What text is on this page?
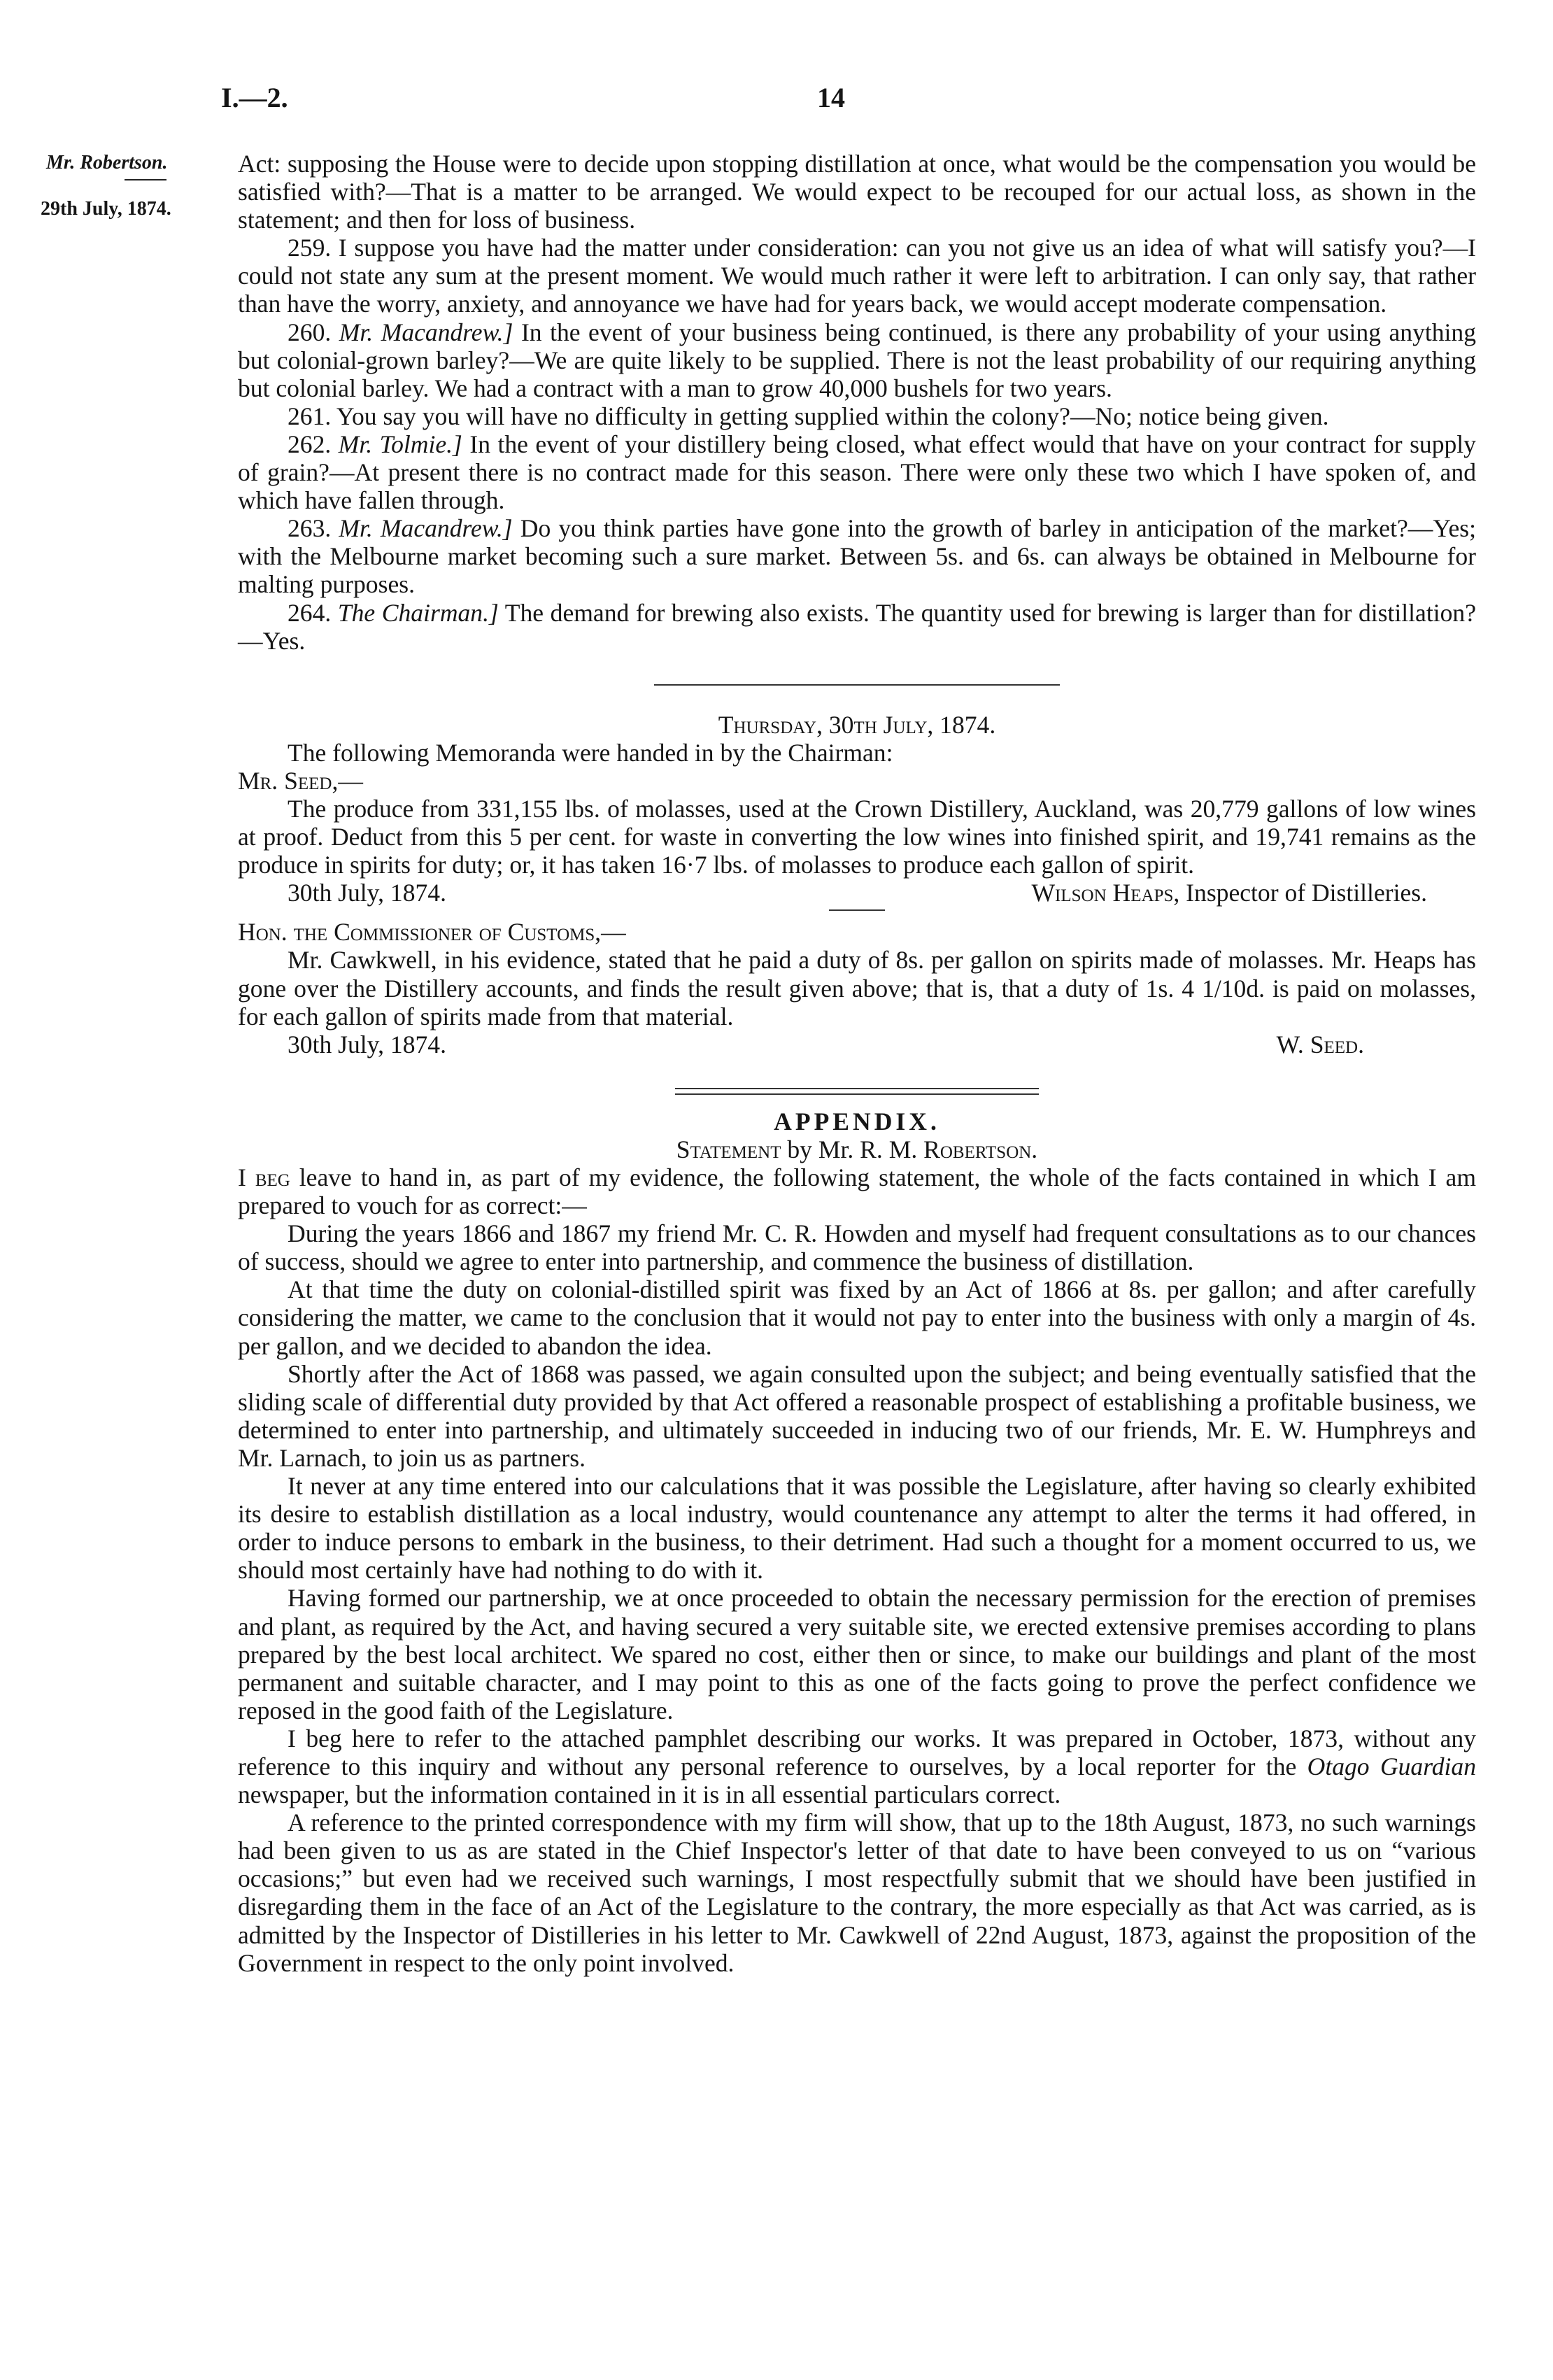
I.—2.	14
Mr. Robertson.
29th July, 1874.

Act: supposing the House were to decide upon stopping distillation at once, what would be the compensation you would be satisfied with?—That is a matter to be arranged. We would expect to be recouped for our actual loss, as shown in the statement; and then for loss of business.

259. I suppose you have had the matter under consideration: can you not give us an idea of what will satisfy you?—I could not state any sum at the present moment. We would much rather it were left to arbitration. I can only say, that rather than have the worry, anxiety, and annoyance we have had for years back, we would accept moderate compensation.

260. Mr. Macandrew.] In the event of your business being continued, is there any probability of your using anything but colonial-grown barley?—We are quite likely to be supplied. There is not the least probability of our requiring anything but colonial barley. We had a contract with a man to grow 40,000 bushels for two years.

261. You say you will have no difficulty in getting supplied within the colony?—No; notice being given.

262. Mr. Tolmie.] In the event of your distillery being closed, what effect would that have on your contract for supply of grain?—At present there is no contract made for this season. There were only these two which I have spoken of, and which have fallen through.

263. Mr. Macandrew.] Do you think parties have gone into the growth of barley in anticipation of the market?—Yes; with the Melbourne market becoming such a sure market. Between 5s. and 6s. can always be obtained in Melbourne for malting purposes.

264. The Chairman.] The demand for brewing also exists. The quantity used for brewing is larger than for distillation?—Yes.

Thursday, 30th July, 1874.

The following Memoranda were handed in by the Chairman:

Mr. Seed,—

The produce from 331,155 lbs. of molasses, used at the Crown Distillery, Auckland, was 20,779 gallons of low wines at proof. Deduct from this 5 per cent. for waste in converting the low wines into finished spirit, and 19,741 remains as the produce in spirits for duty; or, it has taken 16·7 lbs. of molasses to produce each gallon of spirit.

30th July, 1874.	Wilson Heaps, Inspector of Distilleries.

Hon. the Commissioner of Customs,—

Mr. Cawkwell, in his evidence, stated that he paid a duty of 8s. per gallon on spirits made of molasses. Mr. Heaps has gone over the Distillery accounts, and finds the result given above; that is, that a duty of 1s. 4 1/10d. is paid on molasses, for each gallon of spirits made from that material.

30th July, 1874.	W. Seed.

APPENDIX.

Statement by Mr. R. M. Robertson.

I beg leave to hand in, as part of my evidence, the following statement, the whole of the facts contained in which I am prepared to vouch for as correct:—

During the years 1866 and 1867 my friend Mr. C. R. Howden and myself had frequent consultations as to our chances of success, should we agree to enter into partnership, and commence the business of distillation.

At that time the duty on colonial-distilled spirit was fixed by an Act of 1866 at 8s. per gallon; and after carefully considering the matter, we came to the conclusion that it would not pay to enter into the business with only a margin of 4s. per gallon, and we decided to abandon the idea.

Shortly after the Act of 1868 was passed, we again consulted upon the subject; and being eventually satisfied that the sliding scale of differential duty provided by that Act offered a reasonable prospect of establishing a profitable business, we determined to enter into partnership, and ultimately succeeded in inducing two of our friends, Mr. E. W. Humphreys and Mr. Larnach, to join us as partners.

It never at any time entered into our calculations that it was possible the Legislature, after having so clearly exhibited its desire to establish distillation as a local industry, would countenance any attempt to alter the terms it had offered, in order to induce persons to embark in the business, to their detriment. Had such a thought for a moment occurred to us, we should most certainly have had nothing to do with it.

Having formed our partnership, we at once proceeded to obtain the necessary permission for the erection of premises and plant, as required by the Act, and having secured a very suitable site, we erected extensive premises according to plans prepared by the best local architect. We spared no cost, either then or since, to make our buildings and plant of the most permanent and suitable character, and I may point to this as one of the facts going to prove the perfect confidence we reposed in the good faith of the Legislature.

I beg here to refer to the attached pamphlet describing our works. It was prepared in October, 1873, without any reference to this inquiry and without any personal reference to ourselves, by a local reporter for the Otago Guardian newspaper, but the information contained in it is in all essential particulars correct.

A reference to the printed correspondence with my firm will show, that up to the 18th August, 1873, no such warnings had been given to us as are stated in the Chief Inspector's letter of that date to have been conveyed to us on “various occasions;” but even had we received such warnings, I most respectfully submit that we should have been justified in disregarding them in the face of an Act of the Legislature to the contrary, the more especially as that Act was carried, as is admitted by the Inspector of Distilleries in his letter to Mr. Cawkwell of 22nd August, 1873, against the proposition of the Government in respect to the only point involved.
